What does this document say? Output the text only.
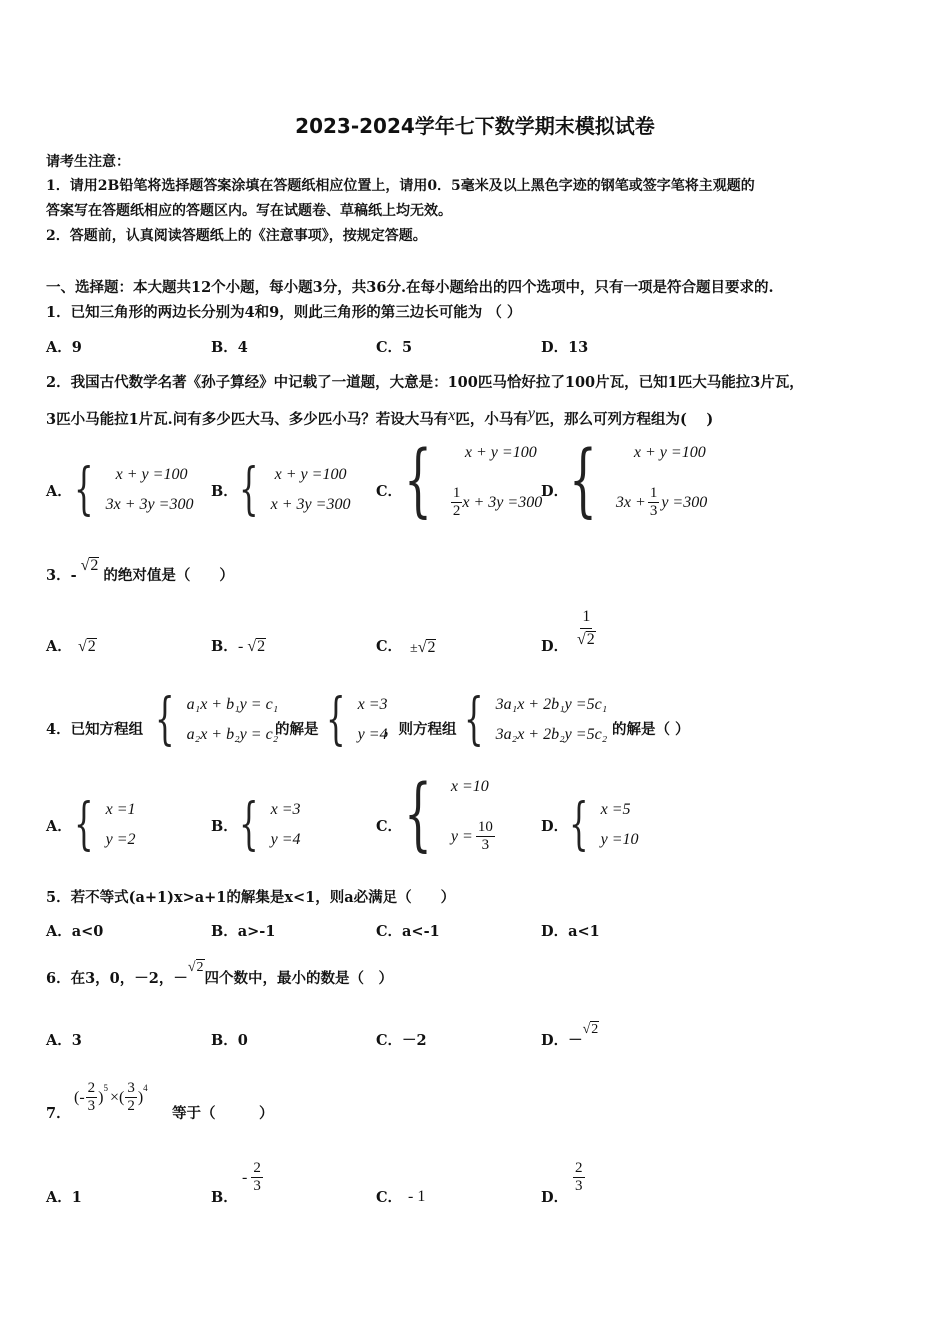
2023-2024学年七下数学期末模拟试卷
请考生注意：
1．请用2B铅笔将选择题答案涂填在答题纸相应位置上，请用0．5毫米及以上黑色字迹的钢笔或签字笔将主观题的
答案写在答题纸相应的答题区内。写在试题卷、草稿纸上均无效。
2．答题前，认真阅读答题纸上的《注意事项》，按规定答题。
一、选择题：本大题共12个小题，每小题3分，共36分.在每小题给出的四个选项中，只有一项是符合题目要求的.
1．已知三角形的两边长分别为4和9，则此三角形的第三边长可能为 （ ）
A．9	B．4	C．5	D．13
2．我国古代数学名著《孙子算经》中记载了一道题，大意是：100匹马恰好拉了100片瓦，已知1匹大马能拉3片瓦，
3匹小马能拉1片瓦.问有多少匹大马、多少匹小马？若设大马有x匹，小马有y匹，那么可列方程组为(　 )
A． {	x + y =100
3x + 3y =300
B． { x + y =100
x + 3y =300
C． {	x + y =100
$\frac{1}{2}$ x + 3y =300
D． {	x + y =100
$3x + \frac{1}{3}$ y =300
3．-√2的绝对值是（　　）
A． √2	B． - √2	C． ±√2	D． $\frac{1}{√2}$
4．已知方程组 { a₁x + b₁y = c₁
a₂x + b₂y = c₂
的解是 { x =3
y =4
，则方程组 { 3a₁x + 2b₁y =5c₁
3a₂x + 2b₂y =5c₂ 的解是（ ）
A． { x =1
y =2
B． { x =3
y =4
C． { x =10
$y = \frac{10}{3}$	D． { x =5
y =10
5．若不等式(a+1)x>a+1的解集是x<1，则a必满足（　　）
A．a<0	B．a>-1	C．a<-1	D．a<1
6．在3，0，－2，－√2四个数中，最小的数是（　）
A．3	B．0	C．－2	D．－√2
7．
(- $\frac{2}{3}$ )
5
×( $\frac{3}{2}$ )
4
等于（　　　）
A．1	B．
- $\frac{2}{3}$
C． - 1	D．
$\frac{2}{3}$
